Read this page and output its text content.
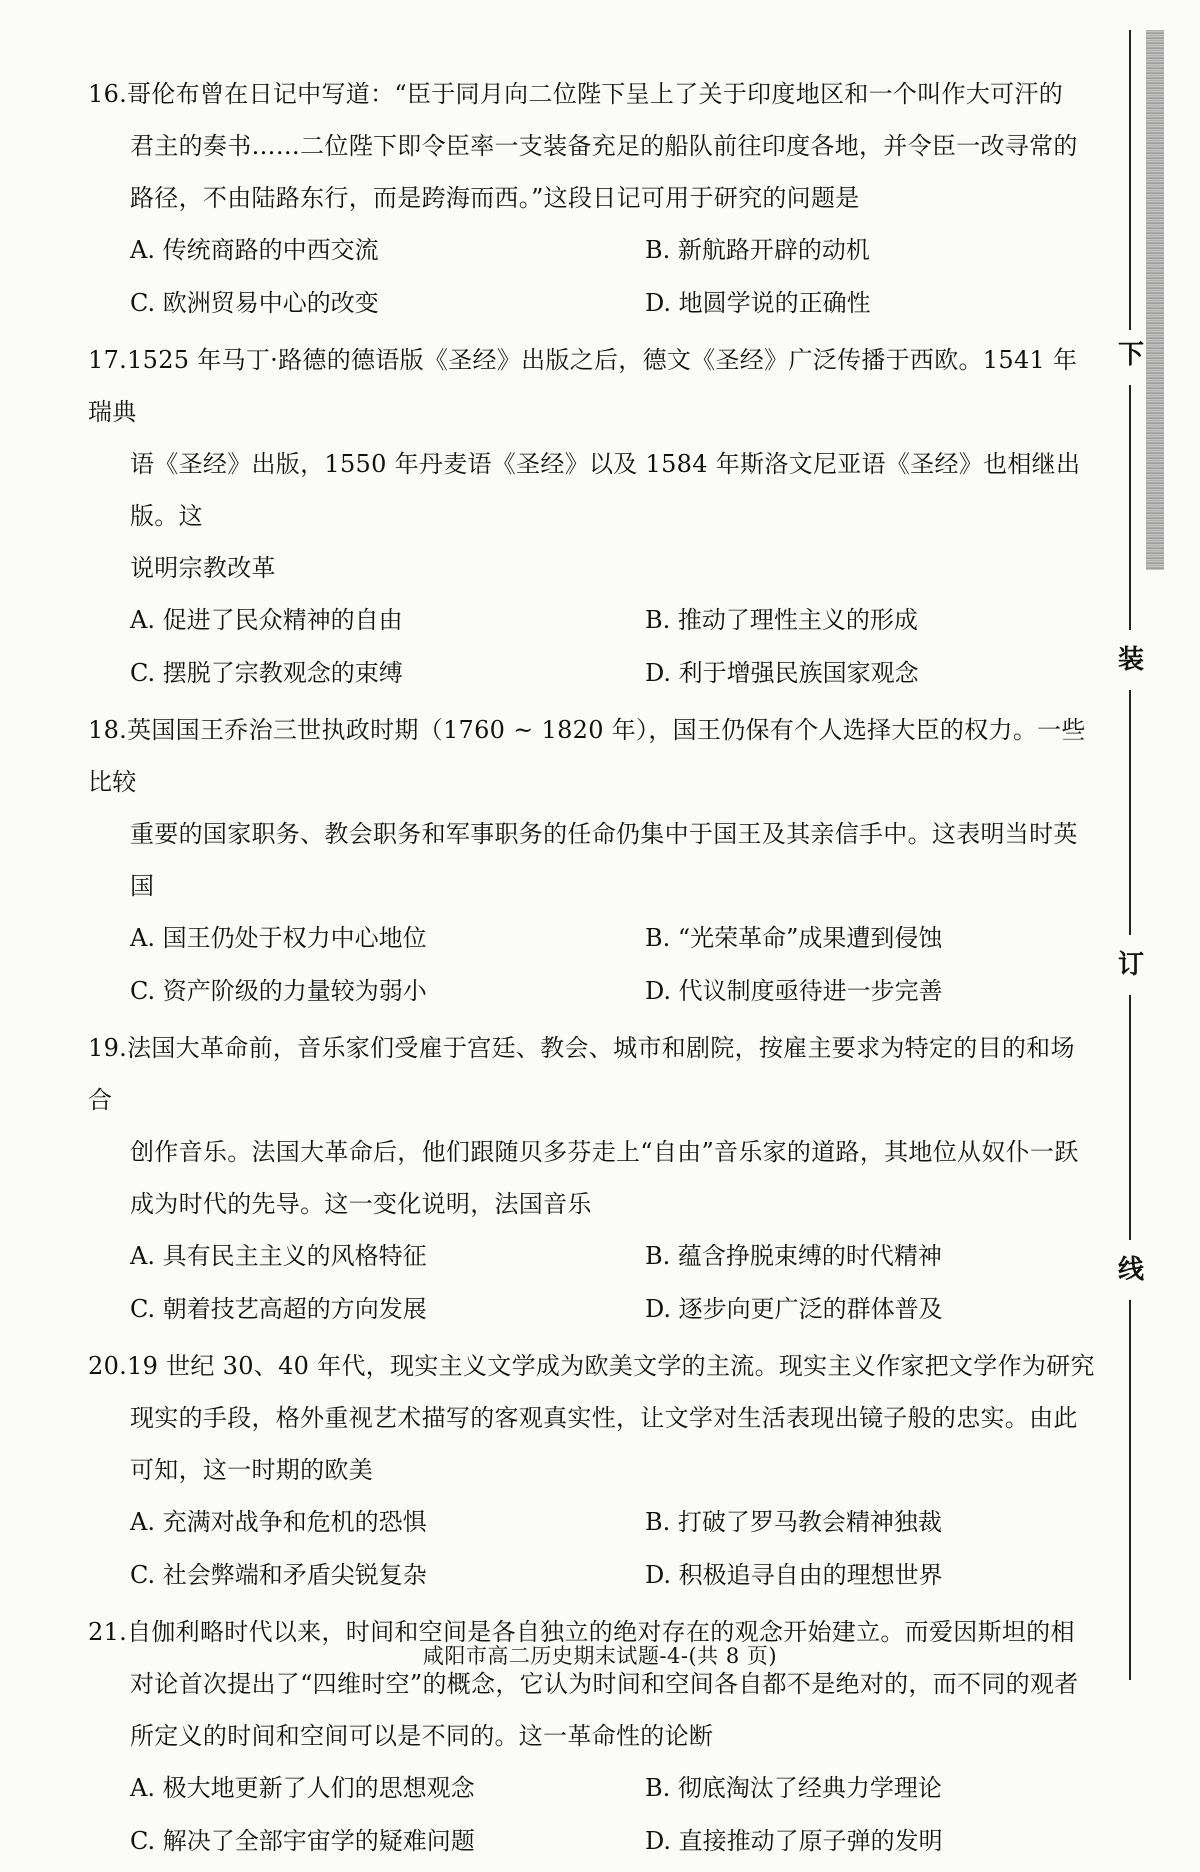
16.哥伦布曾在日记中写道：“臣于同月向二位陛下呈上了关于印度地区和一个叫作大可汗的
君主的奏书……二位陛下即令臣率一支装备充足的船队前往印度各地，并令臣一改寻常的
路径，不由陆路东行，而是跨海而西。”这段日记可用于研究的问题是
A. 传统商路的中西交流	B. 新航路开辟的动机
C. 欧洲贸易中心的改变	D. 地圆学说的正确性
17.1525 年马丁·路德的德语版《圣经》出版之后，德文《圣经》广泛传播于西欧。1541 年瑞典
语《圣经》出版，1550 年丹麦语《圣经》以及 1584 年斯洛文尼亚语《圣经》也相继出版。这
说明宗教改革
A. 促进了民众精神的自由	B. 推动了理性主义的形成
C. 摆脱了宗教观念的束缚	D. 利于增强民族国家观念
18.英国国王乔治三世执政时期（1760 ~ 1820 年），国王仍保有个人选择大臣的权力。一些比较
重要的国家职务、教会职务和军事职务的任命仍集中于国王及其亲信手中。这表明当时英国
A. 国王仍处于权力中心地位	B. “光荣革命”成果遭到侵蚀
C. 资产阶级的力量较为弱小	D. 代议制度亟待进一步完善
19.法国大革命前，音乐家们受雇于宫廷、教会、城市和剧院，按雇主要求为特定的目的和场合
创作音乐。法国大革命后，他们跟随贝多芬走上“自由”音乐家的道路，其地位从奴仆一跃
成为时代的先导。这一变化说明，法国音乐
A. 具有民主主义的风格特征	B. 蕴含挣脱束缚的时代精神
C. 朝着技艺高超的方向发展	D. 逐步向更广泛的群体普及
20.19 世纪 30、40 年代，现实主义文学成为欧美文学的主流。现实主义作家把文学作为研究
现实的手段，格外重视艺术描写的客观真实性，让文学对生活表现出镜子般的忠实。由此
可知，这一时期的欧美
A. 充满对战争和危机的恐惧	B. 打破了罗马教会精神独裁
C. 社会弊端和矛盾尖锐复杂	D. 积极追寻自由的理想世界
21.自伽利略时代以来，时间和空间是各自独立的绝对存在的观念开始建立。而爱因斯坦的相
对论首次提出了“四维时空”的概念，它认为时间和空间各自都不是绝对的，而不同的观者
所定义的时间和空间可以是不同的。这一革命性的论断
A. 极大地更新了人们的思想观念	B. 彻底淘汰了经典力学理论
C. 解决了全部宇宙学的疑难问题	D. 直接推动了原子弹的发明
咸阳市高二历史期末试题-4-(共 8 页)
下
装
订
线
